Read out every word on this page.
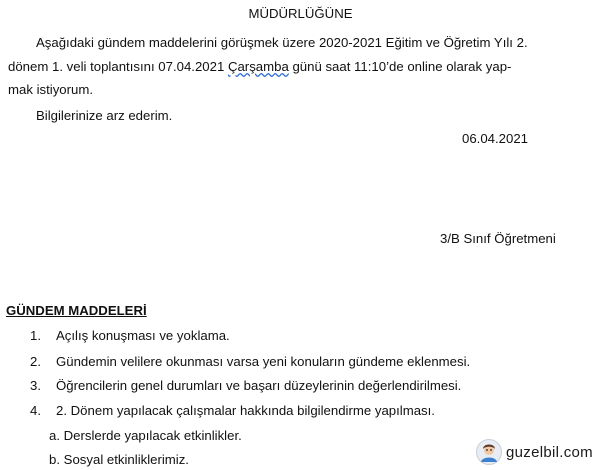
MÜDÜRLÜĞÜNE
Aşağıdaki gündem maddelerini görüşmek üzere 2020-2021 Eğitim ve Öğretim Yılı 2.
dönem 1. veli toplantısını 07.04.2021 Çarşamba günü saat 11:10’de online olarak yap-
mak istiyorum.
Bilgilerinize arz ederim.
06.04.2021
3/B Sınıf Öğretmeni
GÜNDEM MADDELERİ
1. Açılış konuşması ve yoklama.
2. Gündemin velilere okunması varsa yeni konuların gündeme eklenmesi.
3. Öğrencilerin genel durumları ve başarı düzeylerinin değerlendirilmesi.
4. 2. Dönem yapılacak çalışmalar hakkında bilgilendirme yapılması.
a. Derslerde yapılacak etkinlikler.
b. Sosyal etkinliklerimiz.	guzelbil.com
